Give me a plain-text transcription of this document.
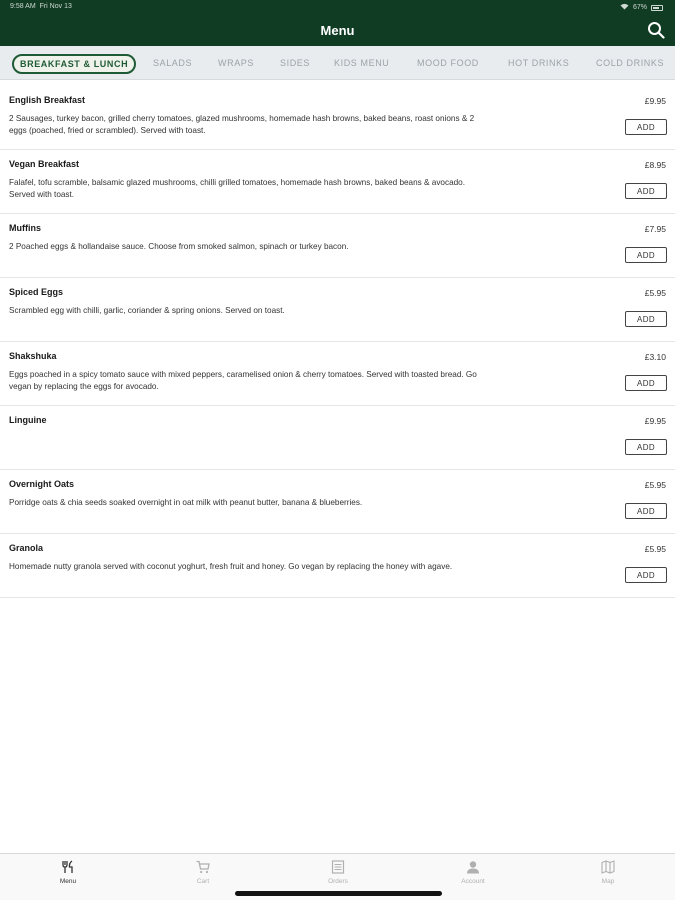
9:58 AM Fri Nov 13	67%
Menu
BREAKFAST & LUNCH	SALADS	WRAPS	SIDES	KIDS MENU	MOOD FOOD	HOT DRINKS	COLD DRINKS
English Breakfast
2 Sausages, turkey bacon, grilled cherry tomatoes, glazed mushrooms, homemade hash browns, baked beans, roast onions & 2 eggs (poached, fried or scrambled). Served with toast.
£9.95
ADD
Vegan Breakfast
Falafel, tofu scramble, balsamic glazed mushrooms, chilli grilled tomatoes, homemade hash browns, baked beans & avocado. Served with toast.
£8.95
ADD
Muffins
2 Poached eggs & hollandaise sauce. Choose from smoked salmon, spinach or turkey bacon.
£7.95
ADD
Spiced Eggs
Scrambled egg with chilli, garlic, coriander & spring onions. Served on toast.
£5.95
ADD
Shakshuka
Eggs poached in a spicy tomato sauce with mixed peppers, caramelised onion & cherry tomatoes. Served with toasted bread. Go vegan by replacing the eggs for avocado.
£3.10
ADD
Linguine	£9.95
ADD
Overnight Oats
Porridge oats & chia seeds soaked overnight in oat milk with peanut butter, banana & blueberries.
£5.95
ADD
Granola
Homemade nutty granola served with coconut yoghurt, fresh fruit and honey. Go vegan by replacing the honey with agave.
£5.95
ADD
Menu	Cart	Orders	Account	Map
